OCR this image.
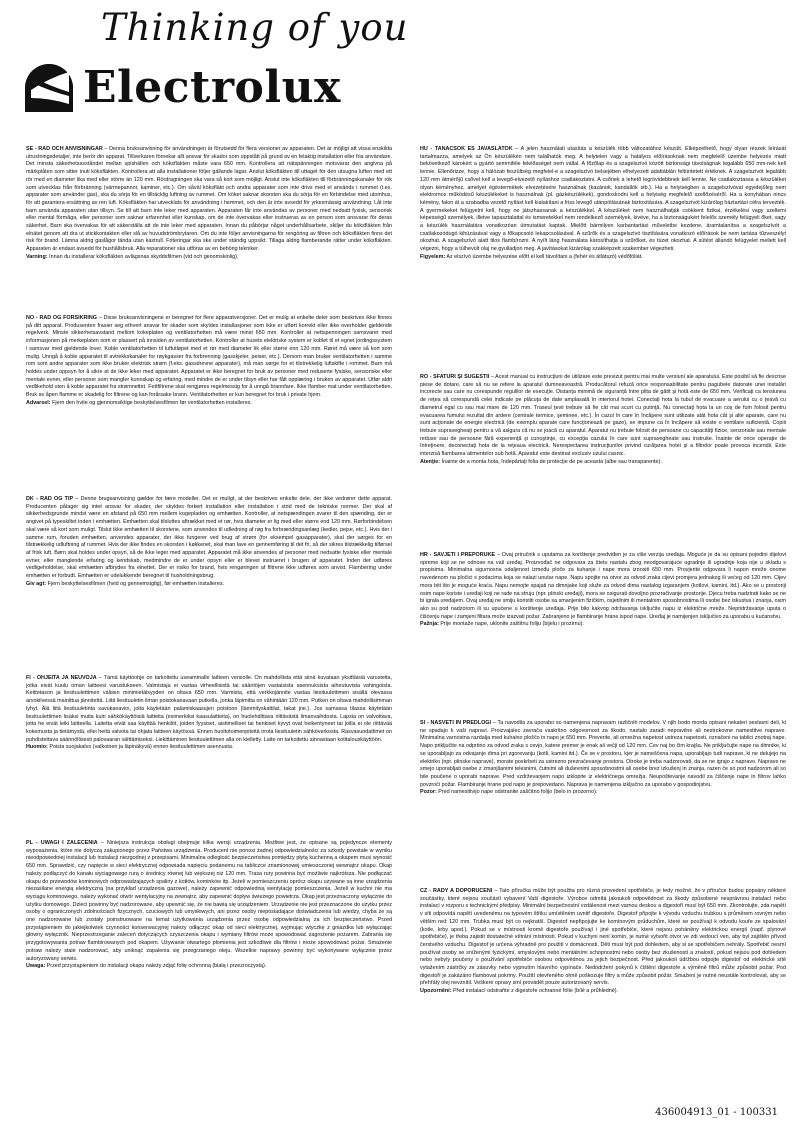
Thinking of you
Electrolux

SE - RÅD OCH ANVISNINGAR – Denna bruksanvisning för användningen är förutsedd för flera versioner av apparaten. Det är möjligt att vissa enskilda utrustningsdetaljer, inte berör din apparat. Tillverkaren förnekar allt ansvar för skador som uppstått på grund av en felaktig installation eller fria användare. Det minsta säkerhetsavståndet mellan spishällen och köksfläkten måste vara 650 mm. Kontrollera att nätspänningen motsvarar den angivna på märkplåten som sitter inuti köksfläkten. Kontrollera att alla installationer följer gällande lagar. Anslut köksfläkten till uttaget för den utsugna luften med ett rör med en diameter lika med eller större än 120 mm. Rördragningen ska vara så kort som möjligt. Anslut inte köksfläkten till förbränningskanaler för rök som utvecklas från förbränning (värmepannor, kaminer, etc.). Om såväl köksfläkt och andra apparater som inte drivs med el används i rummet (t.ex. apparater som använder gas), ska du sörja för en tillräcklig luftning av rummet. Om köket saknar skorsten ska du sörja för en förbindelse med utomhus, för att garantera ersättning av ren luft. Köksfläkten har utvecklats för användning i hemmet, och den är inte avsedd för yrkesmässig användning. Låt inte barn använda apparaten utan tillsyn. Se till att barn inte leker med apparaten. Apparaten får inte användas av personer med nedsatt fysisk, sensorisk eller mental förmåga, eller personer som saknar erfarenhet eller kunskap, om de inte övervakas eller instrueras av en person som ansvarar för deras säkerhet. Barn ska övervakas för att säkerställa att de inte leker med apparaten. Innan du påbörjar något underhållsarbete, skiljer du köksfläkten från elnätet genom att dra ut stickkontakten eller slå av huvudströmbrytaren. Om du inte följer anvisningarna för rengöring av filtren och köksfläkten finns det risk för brand. Lämna aldrig gaslågor tända utan kastrull. Friteringar ska ske under ständig uppsikt. Tillaga aldrig flamberande rätter under köksfläkten. Apparaten är endast avsedd för hushållsbruk. Alla reparationer ska utföras av en behörig tekniker.
Varning: Innan du installerar köksfläkten avlägsnas skyddsfilmen (vid och genomskinlig).

NO - RÅD OG FORSIKRING – Disse bruksanvisningene er beregnet for flere apparatversjoner. Det er mulig at enkelte deler som beskrives ikke finnes på ditt apparat. Produsenten frasier seg ethvert ansvar for skader som skyldes installasjoner som ikke er utført korrekt eller ikke overholder gjeldende regelverk. Minste sikkerhetsavstand mellom kokeplaten og ventilatorhetten må være minst 650 mm. Kontroller at nettspenningen samsvarer med informasjonen på merkeplaten som er plassert på innsiden av ventilatorhetten. Kontroller at husets elektriske system er koblet til et egnet jordingssystem i samsvar med gjeldende lover. Koble ventilatorhetten til luftutløpet med et rør med diameter lik eller større enn 120 mm. Røret må være så kort som mulig. Unngå å koble apparatet til avtrekkskanaler for røykgasser fra forbrenning (gasskjeler, peiser, etc.). Dersom man bruker ventilatorhetten i samme rom som andre apparater som ikke bruker elektrisk strøm (f.eks. gassdrevne apparater), må man sørge for et tilstrekkelig luftskifte i rommet. Barn må holdes under oppsyn for å sikre at de ikke leker med apparatet. Apparatet er ikke beregnet for bruk av personer med reduserte fysiske, sensoriske eller mentale evner, eller personer som mangler kunnskap og erfaring, med mindre de er under tilsyn eller har fått opplæring i bruken av apparatet. Utfør aldri vedlikehold uten å koble apparatet fra strømnettet. Fettfiltrene skal rengjøres regelmessig for å unngå brannfare. Ikke flamber mat under ventilatorhetten. Bruk av åpen flamme er skadelig for filtrene og kan forårsake brann. Ventilatorhetten er kun beregnet for bruk i private hjem.
Advarsel: Fjern den hvite og gjennomsiktige beskyttelsesfilmen før ventilatorhetten installeres.

DK - RÅD OG TIP – Denne brugsanvisning gælder for fære modeller. Det er muligt, at der beskrives enkelte dele, der ikke vedrører dette apparat. Producenten påtager sig intet ansvar for skader, der skyldes forkert installation eller installation i strid med de tekniske normer. Der skal af sikkerhedsgrunde mindst være en afstand på 650 mm mellem kogepladen og emhætten. Kontroller, at netspændingen svarer til den spænding, der er angivet på typeskiltet inden i emhætten. Emhætten skal tilsluttes aftrækket med et rør, hvis diameter er lig med eller større end 120 mm. Rørforbindelsen skal være så kort som muligt. Tilslut ikke emhætten til skorstene, som anvendes til udledning af røg fra forbrændingsanlæg (kedler, pejse, etc.). Hvis der i samme rum, foruden emhætten, anvendes apparater, der ikke fungerer ved brug af strøm (for eksempel gasapparater), skal der sørges for en tilstrækkelig udluftning af rummet. Hvis der ikke findes en skorsten i køkkenet, skal man lave en gennemføring til det fri, så der sikres tilstrækkelig tilførsel af frisk luft. Børn skal holdes under opsyn, så de ikke leger med apparatet. Apparatet må ikke anvendes af personer med nedsatte fysiske eller mentale evner, eller manglende erfaring og kendskab, medmindre de er under opsyn eller er blevet instrueret i brugen af apparatet. Inden der udføres vedligeholdelse, skal emhætten afbrydes fra elnettet. Der er risiko for brand, hvis rengøringen af filtrene ikke udføres som anvist. Flambering under emhætten er forbudt. Emhætten er udelukkende beregnet til husholdningsbrug.
Giv agt: Fjern beskyttelsesfilmen (hvid og gennemsigtig), før emhætten installeres.

FI - OHJEITA JA NEUVOJA – Tämä käyttöohje on tarkoitettu useammalle laitteen versiolle. On mahdollista että siinä kuvataan yksittäisiä varusteita, jotka eivät kuulu oman laitteesi varustukseen. Valmistaja ei vastaa virheellisistä tai sääntöjen vastaisista asennuksista aiheutuvista vahingoista. Keittotason ja liesituulettimen välisen minimietäisyyden on oltava 650 mm. Varmista, että verkkojännite vastaa liesituulettimen sisällä olevassa arvokilvessä mainittua jännitettä. Liitä liesituuletin ilman poistokanavaan putkella, jonka läpimitta on vähintään 120 mm. Putken on oltava mahdollisimman lyhyt. Älä liitä liesituuletinta savukanaviin, joita käytetään palamiskaasujen poistoon (lämmityskattilat, takat jne.). Jos samassa tilassa käytetään liesituulettimen lisäksi muita kuin sähkökäyttöisiä laitteita (esimerkiksi kaasulaitteita), on huolehdittava riittävästä ilmanvaihdosta. Lapsia on valvottava, jotta he eivät leiki laitteella. Laitetta eivät saa käyttää henkilöt, joiden fyysiset, aistimelliset tai henkiset kyvyt ovat heikentyneet tai joilla ei ole riittävää kokemusta ja tietämystä, ellei heitä valvota tai ohjata laitteen käytössä. Ennen huoltotoimenpiteitä irrota liesituuletin sähköverkosta. Rasvasuodattimet on puhdistettava säännöllisesti palovaaran välttämiseksi. Liekittäminen liesituulettimen alla on kielletty. Laite on tarkoitettu ainoastaan kotitalouskäyttöön.
Huomio: Poista suojakalvo (valkoinen ja läpinäkyvä) ennen liesituulettimen asennusta.

PL - UWAGI I ZALECENIA – Niniejsza instrukcja obsługi obejmuje kilka wersji urządzenia. Możliwe jest, że opisane są pojedyncze elementy wyposażenia, które nie dotyczą zakupionego przez Państwa urządzenia. Producent nie ponosi żadnej odpowiedzialności za szkody powstałe w wyniku nieodpowiedniej instalacji lub instalacji niezgodnej z przepisami. Minimalna odległość bezpieczeństwa pomiędzy płytą kuchenną a okapem musi wynosić 650 mm. Sprawdzić, czy napięcie w sieci elektrycznej odpowiada napięciu podanemu na tabliczce znamionowej umieszczonej wewnątrz okapu. Okap należy podłączyć do kanału wyciągowego rurą o średnicy równej lub większej niż 120 mm. Trasa rury powinna być możliwie najkrótsza. Nie podłączać okapu do przewodów kominowych odprowadzających spaliny z kotłów, kominków itp. Jeżeli w pomieszczeniu oprócz okapu używane są inne urządzenia niezasilane energią elektryczną (na przykład urządzenia gazowe), należy zapewnić odpowiednią wentylację pomieszczenia. Jeżeli w kuchni nie ma wyciągu kominowego, należy wykonać otwór wentylacyjny na zewnątrz, aby zapewnić dopływ świeżego powietrza. Okap jest przeznaczony wyłącznie do użytku domowego. Dzieci powinny być nadzorowane, aby upewnić się, że nie bawią się urządzeniem. Urządzenie nie jest przeznaczone do użytku przez osoby o ograniczonych zdolnościach fizycznych, czuciowych lub umysłowych, ani przez osoby nieposiadające doświadczenia lub wiedzy, chyba że są one nadzorowane lub zostały poinstruowane na temat użytkowania urządzenia przez osobę odpowiedzialną za ich bezpieczeństwo. Przed przystąpieniem do jakiejkolwiek czynności konserwacyjnej należy odłączyć okap od sieci elektrycznej, wyjmując wtyczkę z gniazdka lub wyłączając główny wyłącznik. Nieprzestrzeganie zaleceń dotyczących czyszczenia okapu i wymiany filtrów może spowodować zagrożenie pożarem. Zabrania się przygotowywania potraw flambirowanych pod okapem. Używanie otwartego płomienia jest szkodliwe dla filtrów i może spowodować pożar. Smażenie potraw należy stale nadzorować, aby uniknąć zapalenia się przegrzanego oleju. Wszelkie naprawy powinny być wykonywane wyłącznie przez autoryzowany serwis.
Uwaga: Przed przystąpieniem do instalacji okapu należy zdjąć folię ochronną (białą i przezroczystą).

HU - TANÁCSOK ÉS JAVASLATOK – A jelen használati utasítás a készülék több változatához készült. Elképzelhető, hogy olyan részek leírását tartalmazza, amelyek az Ön készülékén nem találhatók meg. A helytelen vagy a hatályos előírásoknak nem megfelelő üzembe helyezés miatt bekövetkező károkért a gyártó semmiféle felelősséget nem vállal. A főzőlap és a szagelszívó között biztonsági távolságnak legalább 650 mm-nek kell lennie. Ellenőrizze, hogy a hálózati feszültség megfelel-e a szagelszívó belsejében elhelyezett adattáblán feltüntetett értéknek. A szagelszívót legalább 120 mm átmérőjű csővel kell a levegő-elvezető nyíláshoz csatlakoztatni. A csőnek a lehető legrövidebbnek kell lennie. Ne csatlakoztassa a készüléket olyan kéményhez, amelyet égéstermékek elvezetésére használnak (kazánok, kandallók stb.). Ha a helyiségben a szagelszívóval egyidejűleg nem elektromos működésű készülékeket is használnak (pl. gázkészülékek), gondoskodni kell a helyiség megfelelő szellőzéséről. Ha a konyhában nincs kémény, falon át a szabadba vezető nyílást kell kialakítani a friss levegő utánpótlásának biztosítására. A szagelszívót kizárólag háztartási célra tervezték. A gyermekeket felügyelni kell, hogy ne játszhassanak a készülékkel. A készüléket nem használhatják csökkent fizikai, érzékelési vagy szellemi képességű személyek, illetve tapasztalattal és ismeretekkel nem rendelkező személyek, kivéve, ha a biztonságukért felelős személy felügyeli őket, vagy a készülék használatára vonatkozóan útmutatást kaptak. Mielőtt bármilyen karbantartási műveletbe kezdene, áramtalanítsa a szagelszívót a csatlakozódugó kihúzásával vagy a főkapcsoló lekapcsolásával. A szűrők és a szagelszívó tisztítására vonatkozó előírások be nem tartása tűzveszélyt okozhat. A szagelszívó alatt tilos flambírozni. A nyílt láng használata károsíthatja a szűrőket, és tüzet okozhat. A sütést állandó felügyelet mellett kell végezni, hogy a túlhevült olaj ne gyulladjon meg. A javításokat kizárólag szakképzett szakember végezheti.
Figyelem: Az elszívó üzembe helyezése előtt el kell távolítani a (fehér és átlátszó) védőfóliát.

RO - SFATURI ŞI SUGESTII – Acest manual cu instrucţiuni de utilizare este previzut pentru mai multe versiuni ale aparatului. Este posibil să fie descrise piese de dotare, care să nu se refere la aparatul dumneavoastră. Producătorul refuză orice responsabilitate pentru pagubele datorate unei instalări incorecte sau care nu corespunde regulilor de execuţie. Distanţa minimă de siguranţă între plita de gătit şi hotă este de 650 mm. Verificaţi ca tensiunea de reţea să corespundă celei indicate pe plăcuţa de date amplasată în interiorul hotei. Conectaţi hota la tubul de evacuare a aerului cu o ţeavă cu diametrul egal cu sau mai mare de 120 mm. Traseul ţevii trebuie să fie cât mai scurt cu putinţă. Nu conectaţi hota la un coş de fum folosit pentru evacuarea fumului rezultat din ardere (centrale termice, şeminee, etc.). În cazul în care în încăpere sunt utilizate atât hota cât şi alte aparate, care nu sunt acţionate de energie electrică (de exemplu aparate care funcţionează pe gaze), se impune ca în încăpere să existe o ventilare suficientă. Copiii trebuie supravegheaţi pentru a vă asigura că nu se joacă cu aparatul. Aparatul nu trebuie folosit de persoane cu capacităţi fizice, senzoriale sau mentale reduse sau de persoane fără experienţă şi cunoştinţe, cu excepţia cazului în care sunt supravegheate sau instruite. Înainte de orice operaţie de întreţinere, deconectaţi hota de la reţeaua electrică. Nerespectarea instrucţiunilor privind curăţarea hotei şi a filtrelor poate provoca incendii. Este interzisă flambarea alimentelor sub hotă. Aparatul este destinat exclusiv uzului casnic.
Atenţie: Înainte de a monta hota, îndepărtaţi folia de protecţie de pe aceasta (albe sau transparente).

HR - SAVJETI I PREPORUKE – Ovaj priručnik s uputama za korištenje predviđen je za više verzija uređaja. Moguće je da su opisani pojedini dijelovi opreme koji se ne odnose na vaš uređaj. Proizvođač ne odgovara za štetu nastalu zbog neodgovarajuće ugradnje ili ugradnje koja nije u skladu s propisima. Minimalna sigurnosna udaljenost između ploče za kuhanje i nape mora iznositi 650 mm. Provjerite odgovara li napon mreže onome navedenom na pločici s podacima koja se nalazi unutar nape. Napu spojite na otvor za odvod zraka cijevi promjera jednakog ili većeg od 120 mm. Cijev mora biti što je moguće kraća. Napu nemojte spajati na dimnjake koji služe za odvod dima nastalog izgaranjem (kotlovi, kamini, itd.). Ako se u prostoriji osim nape koriste i uređaji koji ne rade na struju (npr. plinski uređaji), mora se osigurati dovoljno prozračivanje prostorije. Djecu treba nadzirati kako se ne bi igrala uređajem. Ovaj uređaj ne smiju koristiti osobe sa smanjenim fizičkim, osjetilnim ili mentalnim sposobnostima ili osobe bez iskustva i znanja, osim ako su pod nadzorom ili su upućene u korištenje uređaja. Prije bilo kakvog održavanja isključite napu iz električne mreže. Nepridržavanje uputa o čišćenju nape i zamjeni filtara može izazvati požar. Zabranjeno je flambiranje hrane ispod nape. Uređaj je namijenjen isključivo za uporabu u kućanstvu.
Pažnja: Prije montaže nape, uklonite zaštitnu foliju (bijelu i prozirnu).

SI - NASVETI IN PREDLOGI – Ta navodila za uporabo so namenjena napravam različnih modelov. V njih bodo morda opisani nekateri sestavni deli, ki ne spadajo k vaši napravi. Proizvajalec zavrača vsakršno odgovornost za škodo, nastalo zaradi nepravilne ali nestrokovne namestitve naprave. Minimalna varnostna razdalja med kuhalno ploščo in napo je 650 mm. Preverite, ali omrežna napetost ustreza napetosti, označeni na tablici znotraj nape. Napo priključite na odprtino za odvod zraka s cevjo, katere premer je enak ali večji od 120 mm. Cev naj bo čim krajša. Ne priključujte nape na dimnike, ki se uporabljajo za odvajanje dima pri zgorevanju (kotli, kamini itd.). Če se v prostoru, kjer je nameščena napa, uporabljajo tudi naprave, ki ne delujejo na elektriko (npr. plinske naprave), morate poskrbeti za ustrezno prezračevanje prostora. Otroke je treba nadzorovati, da se ne igrajo z napravo. Naprave ne smejo uporabljati osebe z zmanjšanimi telesnimi, čutnimi ali duševnimi sposobnostmi ali osebe brez izkušenj in znanja, razen če so pod nadzorom ali so bile poučene o uporabi naprave. Pred vzdrževanjem napo izklopite iz električnega omrežja. Neupoštevanje navodil za čiščenje nape in filtrov lahko povzroči požar. Flambiranje hrane pod napo je prepovedano. Naprava je namenjena izključno za uporabo v gospodinjstvu.
Pozor: Pred namestitvijo nape odstranite zaščitno folijo (belo in prozorno).

CZ - RADY A DOPORUČENÍ – Tato příručka může být použita pro různá provedení spotřebiče, je tedy možné, že v příručce budou popsány některé součástky, které nejsou součástí vybavení Vaší digestoře. Výrobce odmítá jakoukoli odpovědnost za škody způsobené nesprávnou instalací nebo instalací v rozporu s technickými předpisy. Minimální bezpečnostní vzdálenost mezi varnou deskou a digestoří musí být 650 mm. Zkontrolujte, zda napětí v síti odpovídá napětí uvedenému na typovém štítku umístěném uvnitř digestoře. Digestoř připojte k vývodu vzduchu trubkou s průměrem rovným nebo větším než 120 mm. Trubka musí být co nejkratší. Digestoř nepřipojujte ke komínovým průduchům, které se používají k odvodu kouře ze spalování (kotle, krby apod.). Pokud se v místnosti kromě digestoře používají i jiné spotřebiče, které nejsou poháněny elektrickou energií (např. plynové spotřebiče), je třeba zajistit dostatečné větrání místnosti. Pokud v kuchyni není komín, je nutné vytvořit otvor ve zdi vedoucí ven, aby byl zajištěn přívod čerstvého vzduchu. Digestoř je určena výhradně pro použití v domácnosti. Děti musí být pod dohledem, aby si se spotřebičem nehrály. Spotřebič nesmí používat osoby se sníženými fyzickými, smyslovými nebo mentálními schopnostmi nebo osoby bez zkušeností a znalostí, pokud nejsou pod dohledem nebo nebyly poučeny o používání spotřebiče osobou odpovědnou za jejich bezpečnost. Před jakoukoli údržbou odpojte digestoř od elektrické sítě vytažením zástrčky ze zásuvky nebo vypnutím hlavního vypínače. Nedodržení pokynů k čištění digestoře a výměně filtrů může způsobit požár. Pod digestoří je zakázáno flambovat pokrmy. Použití otevřeného ohně poškozuje filtry a může způsobit požár. Smažení je nutné neustále kontrolovat, aby se přehřátý olej nevznítil. Veškeré opravy smí provádět pouze autorizovaný servis.
Upozornění: Před instalací odstraňte z digestoře ochranné fólie (bílé a průhledné).

436004913_01 - 100331
